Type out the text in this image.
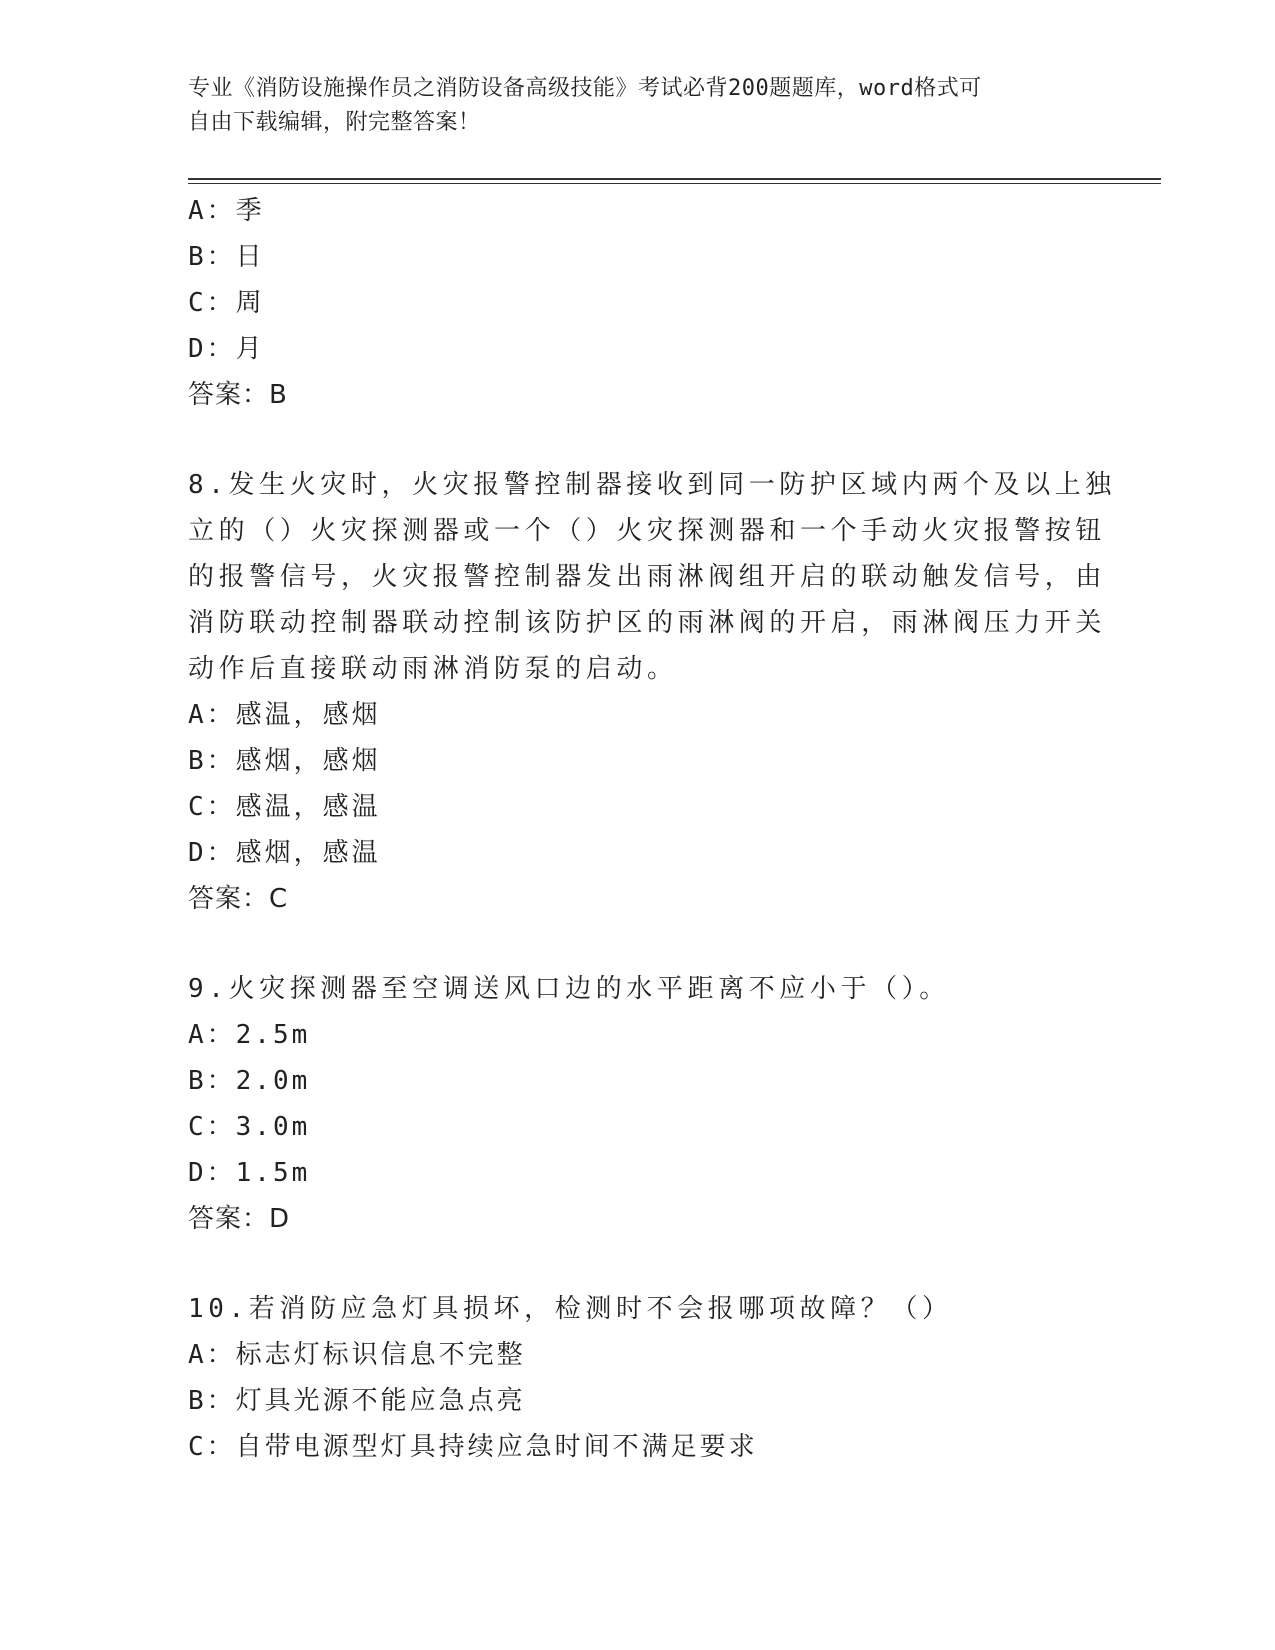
专业《消防设施操作员之消防设备高级技能》考试必背200题题库，word格式可
自由下载编辑，附完整答案！
A：季
B：日
C：周
D：月
答案：B
8.发生火灾时，火灾报警控制器接收到同一防护区域内两个及以上独
立的（）火灾探测器或一个（）火灾探测器和一个手动火灾报警按钮
的报警信号，火灾报警控制器发出雨淋阀组开启的联动触发信号，由
消防联动控制器联动控制该防护区的雨淋阀的开启，雨淋阀压力开关
动作后直接联动雨淋消防泵的启动。
A：感温，感烟
B：感烟，感烟
C：感温，感温
D：感烟，感温
答案：C
9.火灾探测器至空调送风口边的水平距离不应小于（）。
A：2.5m
B：2.0m
C：3.0m
D：1.5m
答案：D
10.若消防应急灯具损坏，检测时不会报哪项故障？（）
A：标志灯标识信息不完整
B：灯具光源不能应急点亮
C：自带电源型灯具持续应急时间不满足要求
